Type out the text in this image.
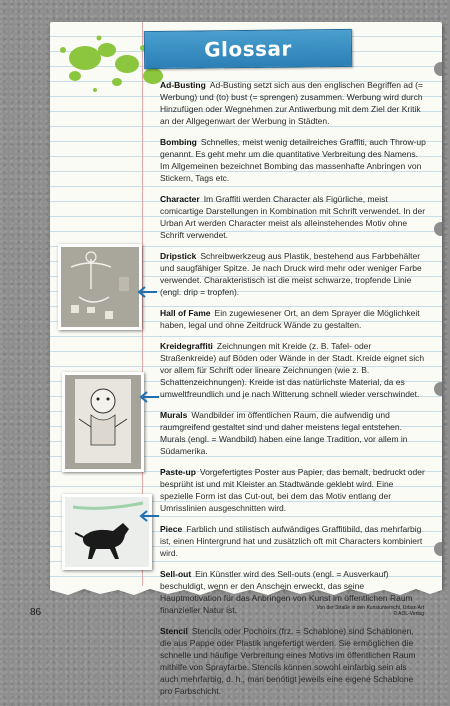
Glossar

Ad-Busting Ad-Busting setzt sich aus den englischen Begriffen ad (= Werbung) und (to) bust (= sprengen) zusammen. Werbung wird durch Hinzufügen oder Wegnehmen zur Antiwerbung mit dem Ziel der Kritik an der Allgegenwart der Werbung in Städten.

Bombing Schnelles, meist wenig detailreiches Graffiti, auch Throw-up genannt. Es geht mehr um die quantitative Verbreitung des Namens. Im Allgemeinen bezeichnet Bombing das massenhafte Anbringen von Stickern, Tags etc.

Character Im Graffiti werden Character als Figürliche, meist comicartige Darstellungen in Kombination mit Schrift verwendet. In der Urban Art werden Character meist als alleinstehendes Motiv ohne Schrift verwendet.

Dripstick Schreibwerkzeug aus Plastik, bestehend aus Farbbehälter und saugfähiger Spitze. Je nach Druck wird mehr oder weniger Farbe verwendet. Charakteristisch ist die meist schwarze, tropfende Linie (engl. drip = tropfen).

Hall of Fame Ein zugewiesener Ort, an dem Sprayer die Möglichkeit haben, legal und ohne Zeitdruck Wände zu gestalten.

Kreidegraffiti Zeichnungen mit Kreide (z. B. Tafel- oder Straßenkreide) auf Böden oder Wände in der Stadt. Kreide eignet sich vor allem für Schrift oder lineare Zeichnungen (wie z. B. Schattenzeichnungen). Kreide ist das natürlichste Material, da es umweltfreundlich und je nach Witterung schnell wieder verschwindet.

Murals Wandbilder im öffentlichen Raum, die aufwendig und raumgreifend gestaltet sind und daher meistens legal entstehen. Murals (engl. = Wandbild) haben eine lange Tradition, vor allem in Südamerika.

Paste-up Vorgefertigtes Poster aus Papier, das bemalt, bedruckt oder besprüht ist und mit Kleister an Stadtwände geklebt wird. Eine spezielle Form ist das Cut-out, bei dem das Motiv entlang der Umrisslinien ausgeschnitten wird.

Piece Farblich und stilistisch aufwändiges Graffitibild, das mehrfarbig ist, einen Hintergrund hat und zusätzlich oft mit Characters kombiniert wird.

Sell-out Ein Künstler wird des Sell-outs (engl. = Ausverkauf) beschuldigt, wenn er den Anschein erweckt, das seine Hauptmotivation für das Anbringen von Kunst im öffentlichen Raum finanzieller Natur ist.

Stencil Stencils oder Pochoirs (frz. = Schablone) sind Schablonen, die aus Pappe oder Plastik angefertigt werden. Sie ermöglichen die schnelle und häufige Verbreitung eines Motivs im öffentlichen Raum mithilfe von Sprayfarbe. Stencils können sowohl einfarbig sein als auch mehrfarbig, d. h., man benötigt jeweils eine eigene Schablone pro Farbschicht.

86	Von der Straße in den Kunstunterricht, Urban Art
© AOL-Verlag
